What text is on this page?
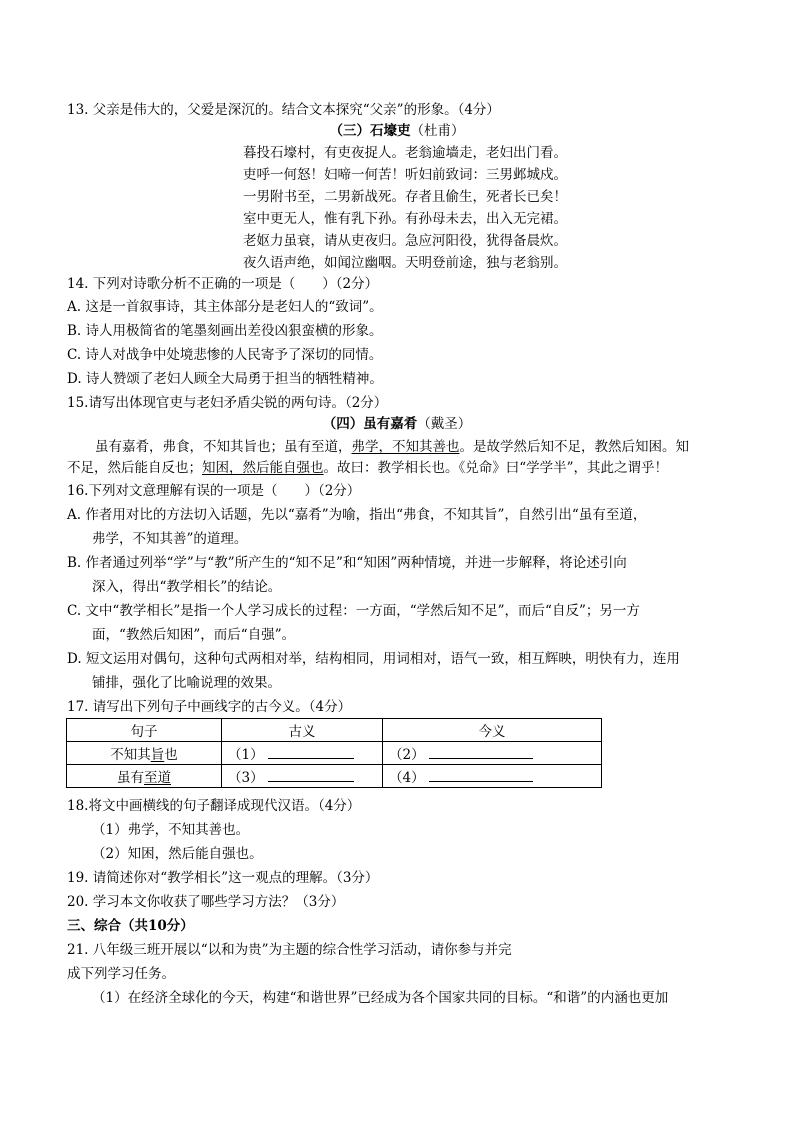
13. 父亲是伟大的，父爱是深沉的。结合文本探究“父亲”的形象。（4分）
（三）石壕吏（杜甫）
暮投石壕村，有吏夜捉人。老翁逾墙走，老妇出门看。
吏呼一何怒！妇啼一何苦！听妇前致词：三男邺城戍。
一男附书至，二男新战死。存者且偷生，死者长已矣！
室中更无人，惟有乳下孙。有孙母未去，出入无完裙。
老妪力虽衰，请从吏夜归。急应河阳役，犹得备晨炊。
夜久语声绝，如闻泣幽咽。天明登前途，独与老翁别。
14. 下列对诗歌分析不正确的一项是（　　）（2分）
A. 这是一首叙事诗，其主体部分是老妇人的“致词”。
B. 诗人用极简省的笔墨刻画出差役凶狠蛮横的形象。
C. 诗人对战争中处境悲惨的人民寄予了深切的同情。
D. 诗人赞颂了老妇人顾全大局勇于担当的牺牲精神。
15.请写出体现官吏与老妇矛盾尖锐的两句诗。（2分）
（四）虽有嘉肴（戴圣）
虽有嘉肴，弗食，不知其旨也；虽有至道，弗学，不知其善也。是故学然后知不足，教然后知困。知
不足，然后能自反也；知困，然后能自强也。故曰：教学相长也。《兑命》曰“学学半”，其此之谓乎！
16.下列对文意理解有误的一项是（　　）（2分）
A. 作者用对比的方法切入话题，先以“嘉肴”为喻，指出“弗食，不知其旨”，自然引出“虽有至道，
弗学，不知其善”的道理。
B. 作者通过列举“学”与“教”所产生的“知不足”和“知困”两种情境，并进一步解释，将论述引向
深入，得出“教学相长”的结论。
C. 文中“教学相长”是指一个人学习成长的过程：一方面，“学然后知不足”，而后“自反”；另一方
面，“教然后知困”，而后“自强”。
D. 短文运用对偶句，这种句式两相对举，结构相同，用词相对，语气一致，相互辉映，明快有力，连用
铺排，强化了比喻说理的效果。
17. 请写出下列句子中画线字的古今义。（4分）
句子	古义	今义
不知其旨也	（1）	（2）
虽有至道	（3）	（4）
18.将文中画横线的句子翻译成现代汉语。（4分）
（1）弗学，不知其善也。
（2）知困，然后能自强也。
19. 请简述你对“教学相长”这一观点的理解。（3分）
20. 学习本文你收获了哪些学习方法？（3分）
三、综合（共10分）
21. 八年级三班开展以“以和为贵”为主题的综合性学习活动，请你参与并完
成下列学习任务。
（1）在经济全球化的今天，构建“和谐世界”已经成为各个国家共同的目标。“和谐”的内涵也更加
